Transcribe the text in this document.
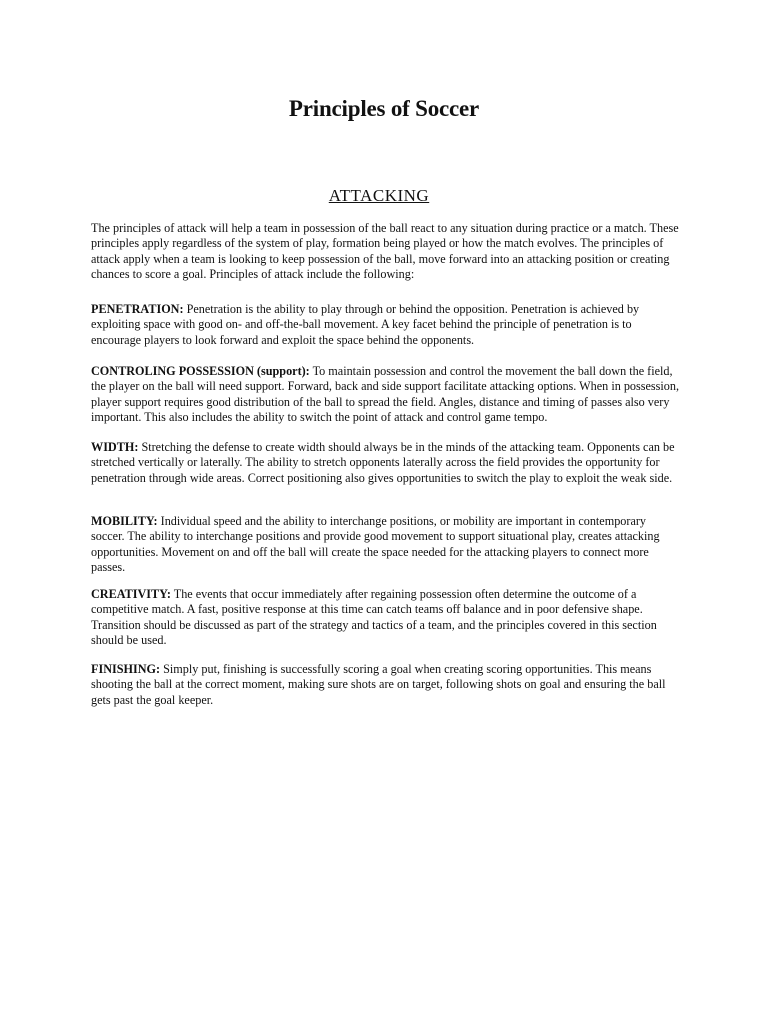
Principles of Soccer
ATTACKING

The principles of attack will help a team in possession of the ball react to any situation during practice or a match. These principles apply regardless of the system of play, formation being played or how the match evolves. The principles of attack apply when a team is looking to keep possession of the ball, move forward into an attacking position or creating chances to score a goal. Principles of attack include the following:

PENETRATION: Penetration is the ability to play through or behind the opposition. Penetration is achieved by exploiting space with good on- and off-the-ball movement. A key facet behind the principle of penetration is to encourage players to look forward and exploit the space behind the opponents.

CONTROLING POSSESSION (support): To maintain possession and control the movement the ball down the field, the player on the ball will need support. Forward, back and side support facilitate attacking options. When in possession, player support requires good distribution of the ball to spread the field. Angles, distance and timing of passes also very important. This also includes the ability to switch the point of attack and control game tempo.

WIDTH: Stretching the defense to create width should always be in the minds of the attacking team. Opponents can be stretched vertically or laterally. The ability to stretch opponents laterally across the field provides the opportunity for penetration through wide areas. Correct positioning also gives opportunities to switch the play to exploit the weak side.

MOBILITY: Individual speed and the ability to interchange positions, or mobility are important in contemporary soccer. The ability to interchange positions and provide good movement to support situational play, creates attacking opportunities. Movement on and off the ball will create the space needed for the attacking players to connect more passes.

CREATIVITY: The events that occur immediately after regaining possession often determine the outcome of a competitive match. A fast, positive response at this time can catch teams off balance and in poor defensive shape. Transition should be discussed as part of the strategy and tactics of a team, and the principles covered in this section should be used.

FINISHING: Simply put, finishing is successfully scoring a goal when creating scoring opportunities. This means shooting the ball at the correct moment, making sure shots are on target, following shots on goal and ensuring the ball gets past the goal keeper.
